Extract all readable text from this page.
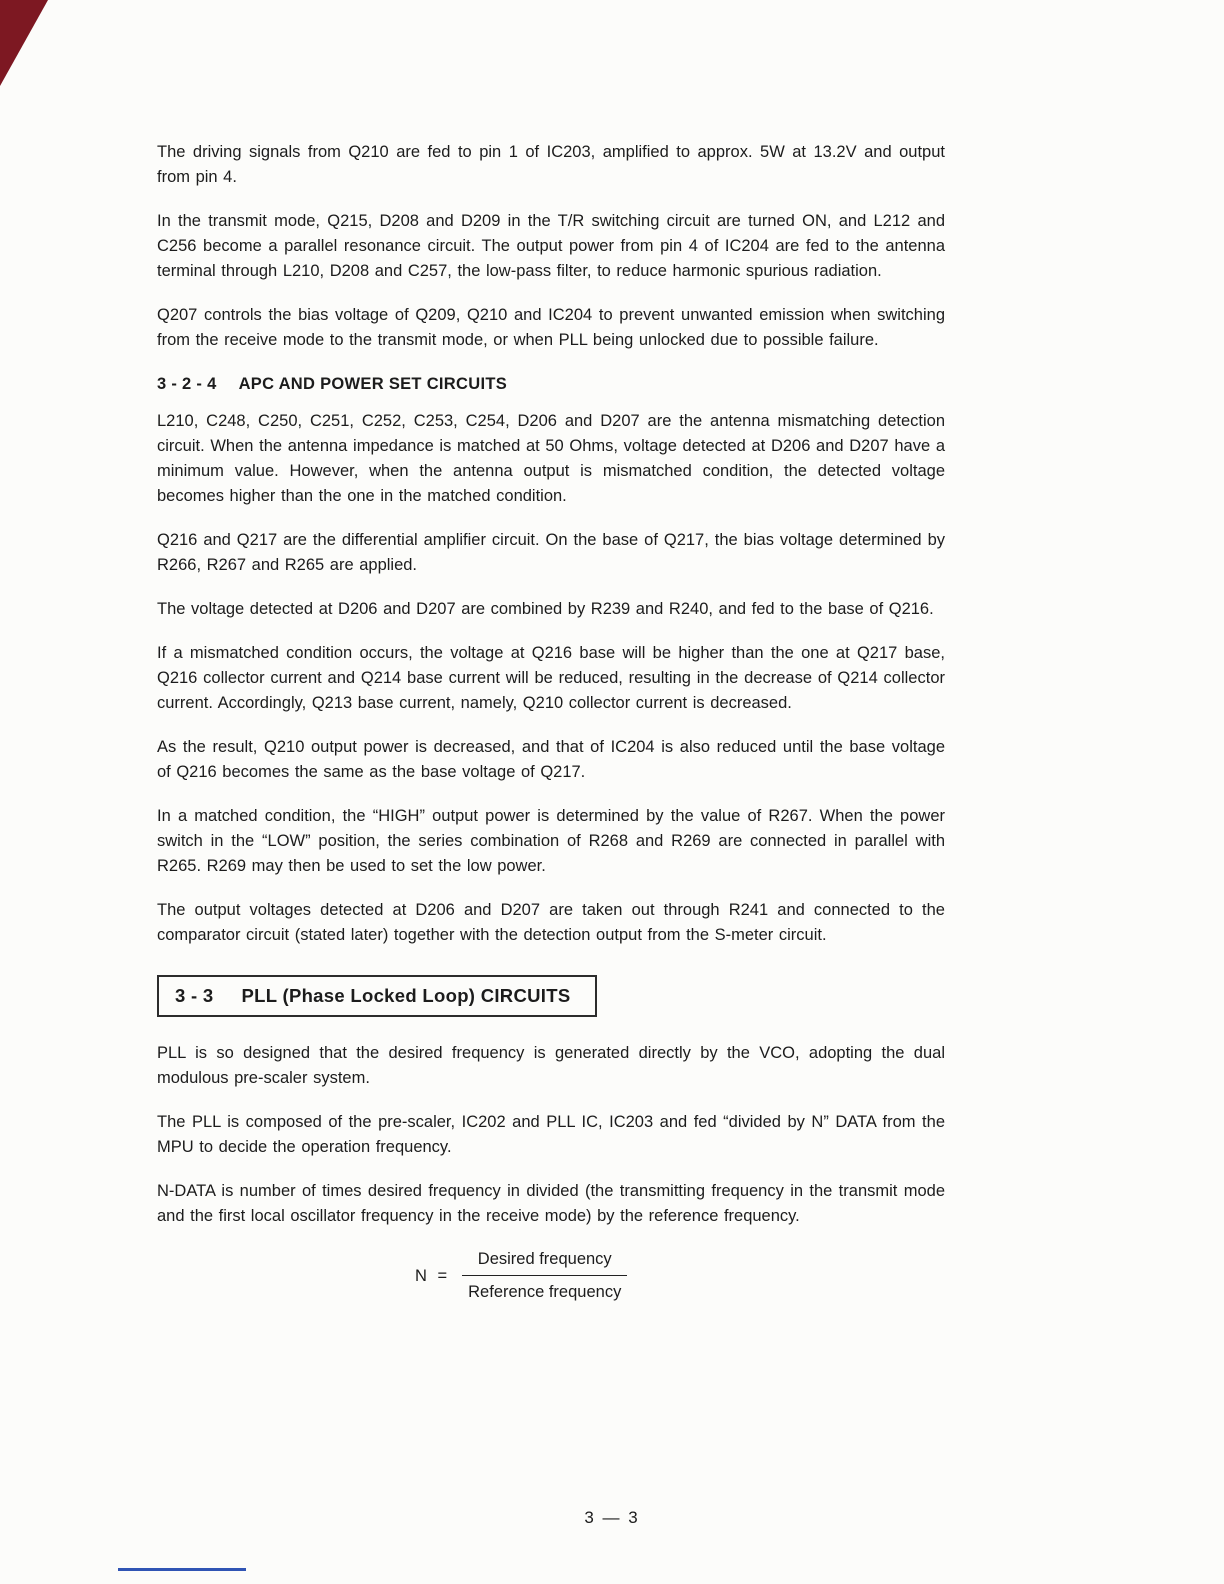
The driving signals from Q210 are fed to pin 1 of IC203, amplified to approx. 5W at 13.2V and output from pin 4.

In the transmit mode, Q215, D208 and D209 in the T/R switching circuit are turned ON, and L212 and C256 become a parallel resonance circuit. The output power from pin 4 of IC204 are fed to the antenna terminal through L210, D208 and C257, the low-pass filter, to reduce harmonic spurious radiation.

Q207 controls the bias voltage of Q209, Q210 and IC204 to prevent unwanted emission when switching from the receive mode to the transmit mode, or when PLL being unlocked due to possible failure.

3 - 2 - 4 APC AND POWER SET CIRCUITS

L210, C248, C250, C251, C252, C253, C254, D206 and D207 are the antenna mismatching detection circuit. When the antenna impedance is matched at 50 Ohms, voltage detected at D206 and D207 have a minimum value. However, when the antenna output is mismatched condition, the detected voltage becomes higher than the one in the matched condition.

Q216 and Q217 are the differential amplifier circuit. On the base of Q217, the bias voltage determined by R266, R267 and R265 are applied.

The voltage detected at D206 and D207 are combined by R239 and R240, and fed to the base of Q216.

If a mismatched condition occurs, the voltage at Q216 base will be higher than the one at Q217 base, Q216 collector current and Q214 base current will be reduced, resulting in the decrease of Q214 collector current. Accordingly, Q213 base current, namely, Q210 collector current is decreased.

As the result, Q210 output power is decreased, and that of IC204 is also reduced until the base voltage of Q216 becomes the same as the base voltage of Q217.

In a matched condition, the “HIGH” output power is determined by the value of R267. When the power switch in the “LOW” position, the series combination of R268 and R269 are connected in parallel with R265. R269 may then be used to set the low power.

The output voltages detected at D206 and D207 are taken out through R241 and connected to the comparator circuit (stated later) together with the detection output from the S-meter circuit.

3 - 3 PLL (Phase Locked Loop) CIRCUITS

PLL is so designed that the desired frequency is generated directly by the VCO, adopting the dual modulous pre-scaler system.

The PLL is composed of the pre-scaler, IC202 and PLL IC, IC203 and fed “divided by N” DATA from the MPU to decide the operation frequency.

N-DATA is number of times desired frequency in divided (the transmitting frequency in the transmit mode and the first local oscillator frequency in the receive mode) by the reference frequency.

$N = \frac{\text{Desired frequency}}{\text{Reference frequency}}$
3 — 3
